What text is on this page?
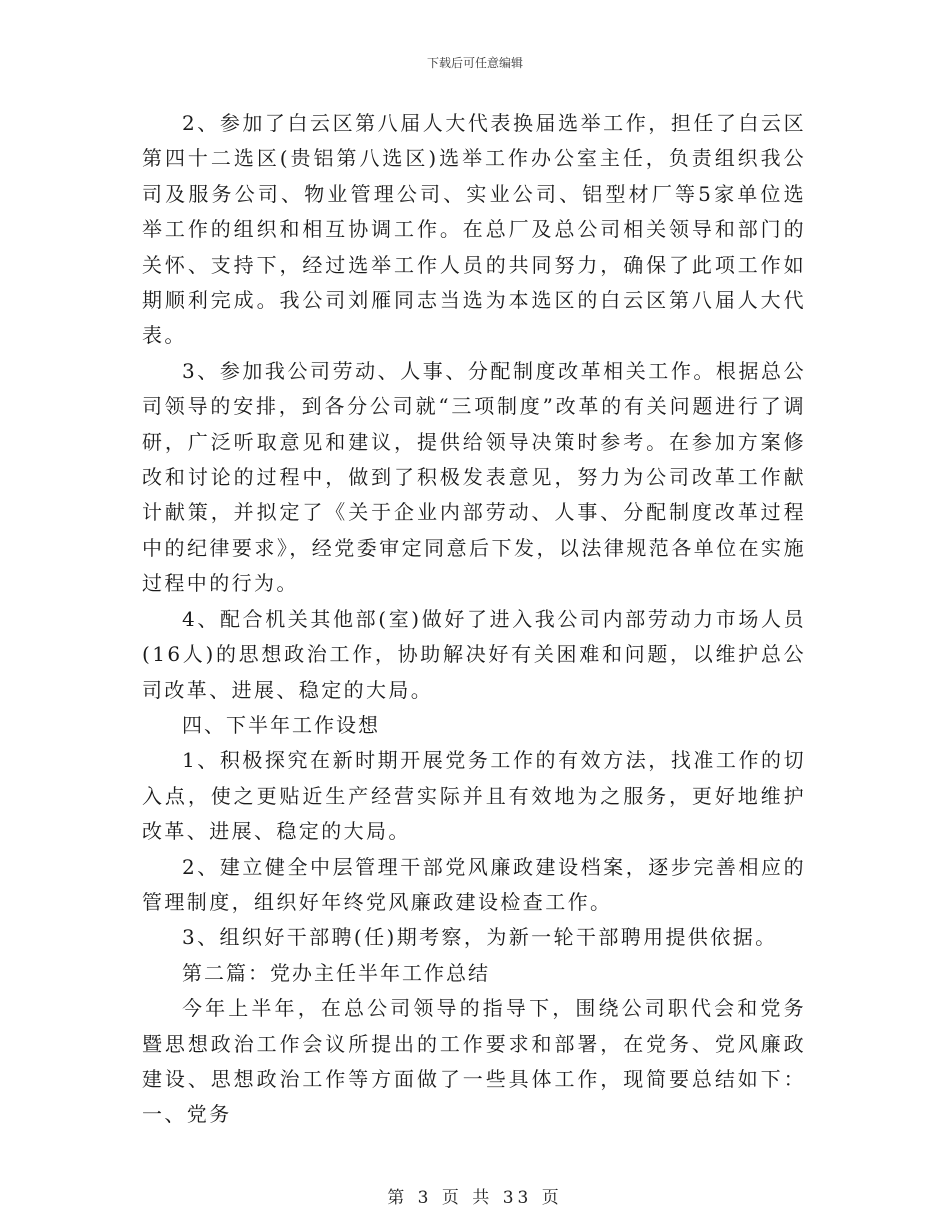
下载后可任意编辑

2、参加了白云区第八届人大代表换届选举工作，担任了白云区第四十二选区(贵铝第八选区)选举工作办公室主任，负责组织我公司及服务公司、物业管理公司、实业公司、铝型材厂等5家单位选举工作的组织和相互协调工作。在总厂及总公司相关领导和部门的关怀、支持下，经过选举工作人员的共同努力，确保了此项工作如期顺利完成。我公司刘雁同志当选为本选区的白云区第八届人大代表。

3、参加我公司劳动、人事、分配制度改革相关工作。根据总公司领导的安排，到各分公司就“三项制度”改革的有关问题进行了调研，广泛听取意见和建议，提供给领导决策时参考。在参加方案修改和讨论的过程中，做到了积极发表意见，努力为公司改革工作献计献策，并拟定了《关于企业内部劳动、人事、分配制度改革过程中的纪律要求》，经党委审定同意后下发，以法律规范各单位在实施过程中的行为。

4、配合机关其他部(室)做好了进入我公司内部劳动力市场人员(16人)的思想政治工作，协助解决好有关困难和问题，以维护总公司改革、进展、稳定的大局。

四、下半年工作设想

1、积极探究在新时期开展党务工作的有效方法，找准工作的切入点，使之更贴近生产经营实际并且有效地为之服务，更好地维护改革、进展、稳定的大局。

2、建立健全中层管理干部党风廉政建设档案，逐步完善相应的管理制度，组织好年终党风廉政建设检查工作。

3、组织好干部聘(任)期考察，为新一轮干部聘用提供依据。

第二篇：党办主任半年工作总结

今年上半年，在总公司领导的指导下，围绕公司职代会和党务暨思想政治工作会议所提出的工作要求和部署，在党务、党风廉政建设、思想政治工作等方面做了一些具体工作，现简要总结如下：一、党务

第 3 页 共 33 页
